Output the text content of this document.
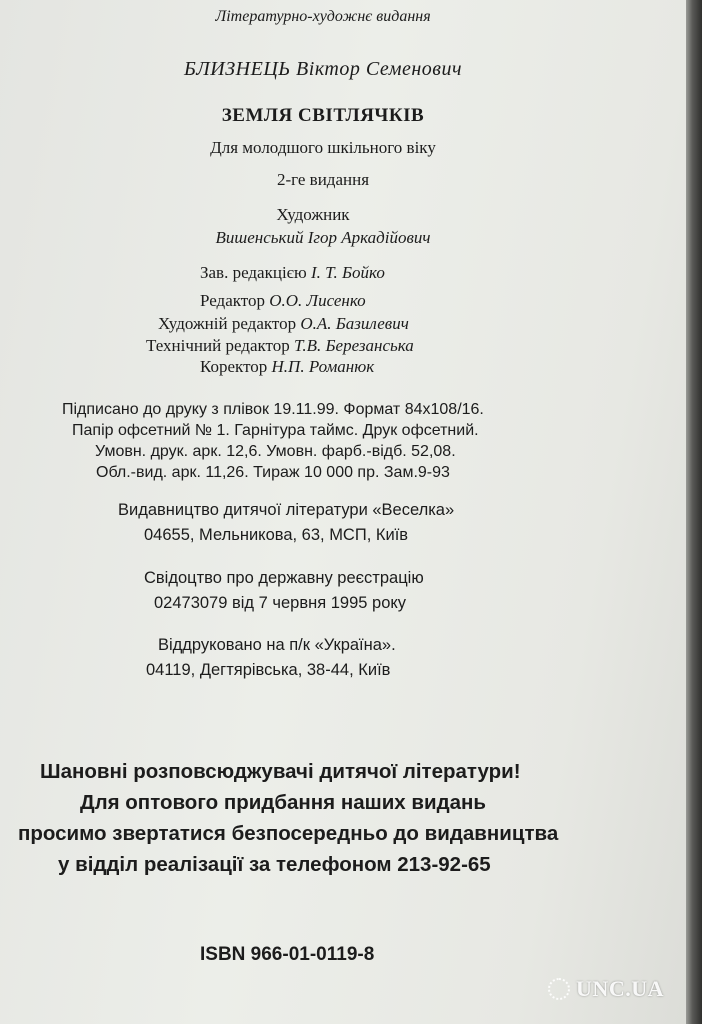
Літературно-художнє видання
БЛИЗНЕЦЬ Віктор Семенович
ЗЕМЛЯ СВІТЛЯЧКІВ
Для молодшого шкільного віку
2-ге видання
Художник
Вишенський Ігор Аркадійович
Зав. редакцією І. Т. Бойко
Редактор О.О. Лисенко
Художній редактор О.А. Базилевич
Технічний редактор Т.В. Березанська
Коректор Н.П. Романюк
Підписано до друку з плівок 19.11.99. Формат 84x108/16.
Папір офсетний № 1. Гарнітура таймс. Друк офсетний.
Умовн. друк. арк. 12,6. Умовн. фарб.-відб. 52,08.
Обл.-вид. арк. 11,26. Тираж 10 000 пр. Зам.9-93
Видавництво дитячої літератури «Веселка»
04655, Мельникова, 63, МСП, Київ
Свідоцтво про державну реєстрацію
02473079 від 7 червня 1995 року
Віддруковано на п/к «Україна».
04119, Дегтярівська, 38-44, Київ
Шановні розповсюджувачі дитячої літератури!
Для оптового придбання наших видань
просимо звертатися безпосередньо до видавництва
у відділ реалізації за телефоном 213-92-65
ISBN 966-01-0119-8
UNC.UA
